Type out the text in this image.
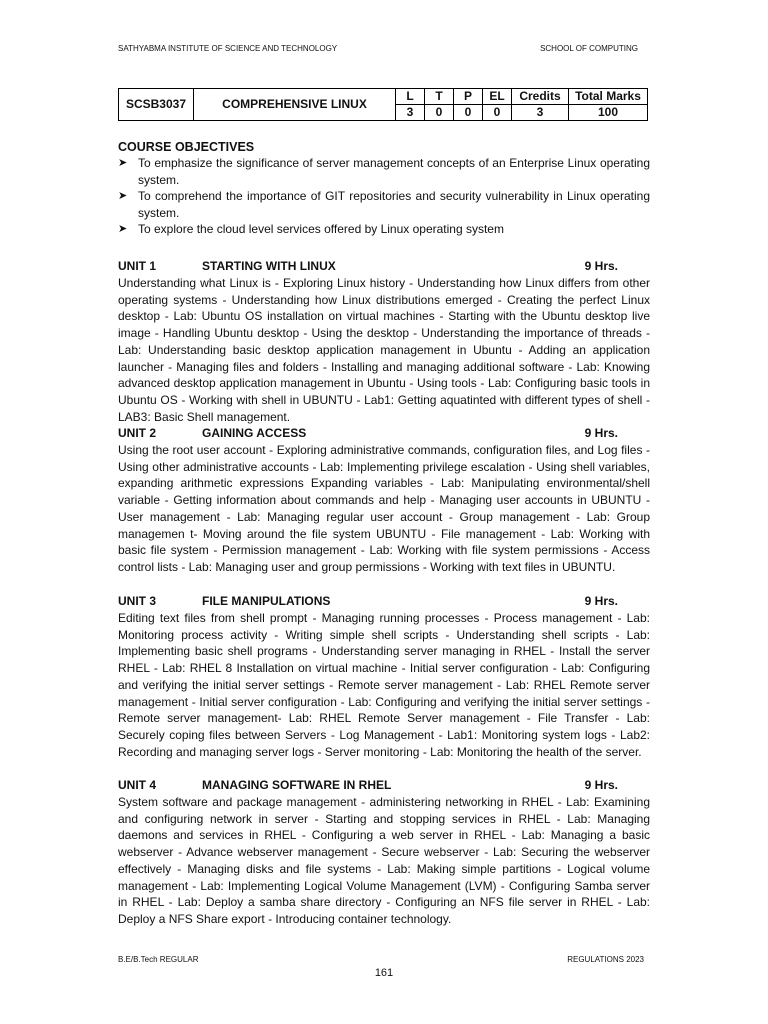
SATHYABMA INSTITUTE OF SCIENCE AND TECHNOLOGY	SCHOOL OF COMPUTING
SCSB3037	COMPREHENSIVE LINUX	L	T	P	EL	Credits	Total Marks
		3	0	0	0	3	100
COURSE OBJECTIVES
➤ To emphasize the significance of server management concepts of an Enterprise Linux operating system.
➤ To comprehend the importance of GIT repositories and security vulnerability in Linux operating system.
➤ To explore the cloud level services offered by Linux operating system
UNIT 1	STARTING WITH LINUX	9 Hrs.
Understanding what Linux is - Exploring Linux history - Understanding how Linux differs from other operating systems - Understanding how Linux distributions emerged - Creating the perfect Linux desktop - Lab: Ubuntu OS installation on virtual machines - Starting with the Ubuntu desktop live image - Handling Ubuntu desktop - Using the desktop - Understanding the importance of threads - Lab: Understanding basic desktop application management in Ubuntu - Adding an application launcher - Managing files and folders - Installing and managing additional software - Lab: Knowing advanced desktop application management in Ubuntu - Using tools - Lab: Configuring basic tools in Ubuntu OS - Working with shell in UBUNTU - Lab1: Getting aquatinted with different types of shell - LAB3: Basic Shell management.
UNIT 2	GAINING ACCESS	9 Hrs.
Using the root user account - Exploring administrative commands, configuration files, and Log files - Using other administrative accounts - Lab: Implementing privilege escalation - Using shell variables, expanding arithmetic expressions Expanding variables - Lab: Manipulating environmental/shell variable - Getting information about commands and help - Managing user accounts in UBUNTU - User management - Lab: Managing regular user account - Group management - Lab: Group managemen t- Moving around the file system UBUNTU - File management - Lab: Working with basic file system - Permission management - Lab: Working with file system permissions - Access control lists - Lab: Managing user and group permissions - Working with text files in UBUNTU.
UNIT 3	FILE MANIPULATIONS	9 Hrs.
Editing text files from shell prompt - Managing running processes - Process management - Lab: Monitoring process activity - Writing simple shell scripts - Understanding shell scripts - Lab: Implementing basic shell programs - Understanding server managing in RHEL - Install the server RHEL - Lab: RHEL 8 Installation on virtual machine - Initial server configuration - Lab: Configuring and verifying the initial server settings - Remote server management - Lab: RHEL Remote server management - Initial server configuration - Lab: Configuring and verifying the initial server settings -Remote server management- Lab: RHEL Remote Server management - File Transfer - Lab: Securely coping files between Servers - Log Management - Lab1: Monitoring system logs - Lab2: Recording and managing server logs - Server monitoring - Lab: Monitoring the health of the server.
UNIT 4	MANAGING SOFTWARE IN RHEL	9 Hrs.
System software and package management - administering networking in RHEL - Lab: Examining and configuring network in server - Starting and stopping services in RHEL - Lab: Managing daemons and services in RHEL - Configuring a web server in RHEL - Lab: Managing a basic webserver - Advance webserver management - Secure webserver - Lab: Securing the webserver effectively - Managing disks and file systems - Lab: Making simple partitions - Logical volume management - Lab: Implementing Logical Volume Management (LVM) - Configuring Samba server in RHEL - Lab: Deploy a samba share directory - Configuring an NFS file server in RHEL - Lab: Deploy a NFS Share export - Introducing container technology.
B.E/B.Tech REGULAR	REGULATIONS 2023
161
